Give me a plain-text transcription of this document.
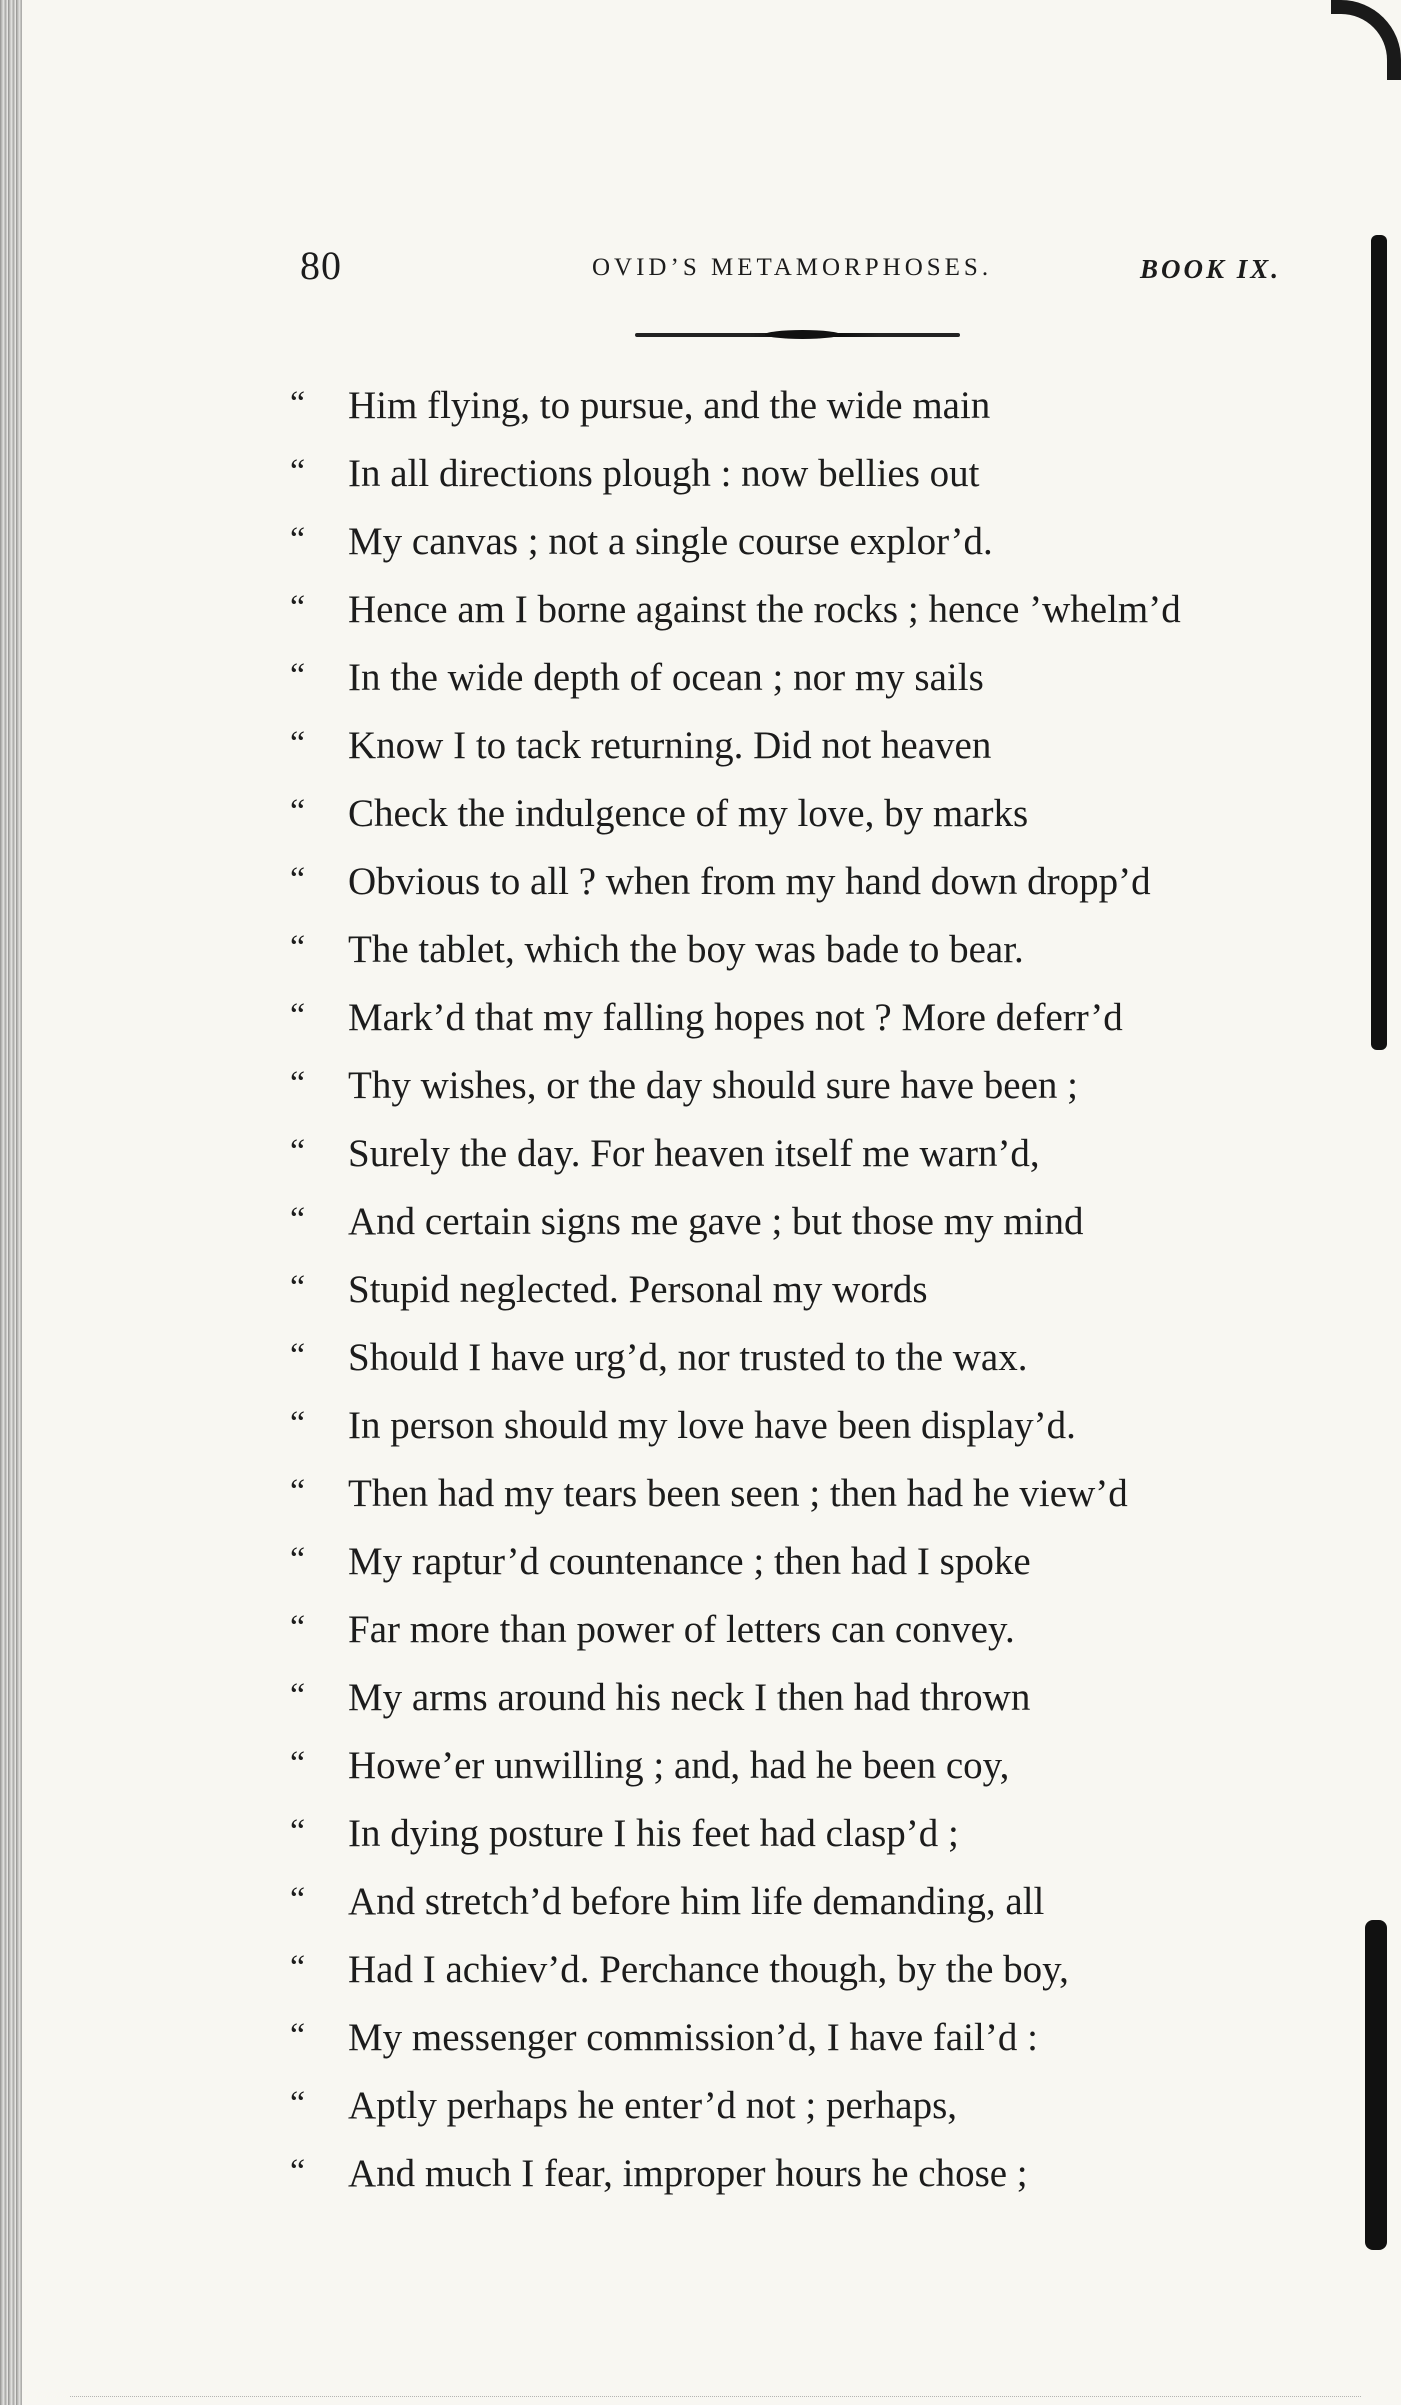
80	OVID’S METAMORPHOSES.	BOOK IX.
“ Him flying, to pursue, and the wide main
“ In all directions plough : now bellies out
“ My canvas ; not a single course explor’d.
“ Hence am I borne against the rocks ; hence ’whelm’d
“ In the wide depth of ocean ; nor my sails
“ Know I to tack returning. Did not heaven
“ Check the indulgence of my love, by marks
“ Obvious to all ? when from my hand down dropp’d
“ The tablet, which the boy was bade to bear.
“ Mark’d that my falling hopes not ? More deferr’d
“ Thy wishes, or the day should sure have been ;
“ Surely the day. For heaven itself me warn’d,
“ And certain signs me gave ; but those my mind
“ Stupid neglected. Personal my words
“ Should I have urg’d, nor trusted to the wax.
“ In person should my love have been display’d.
“ Then had my tears been seen ; then had he view’d
“ My raptur’d countenance ; then had I spoke
“ Far more than power of letters can convey.
“ My arms around his neck I then had thrown
“ Howe’er unwilling ; and, had he been coy,
“ In dying posture I his feet had clasp’d ;
“ And stretch’d before him life demanding, all
“ Had I achiev’d. Perchance though, by the boy,
“ My messenger commission’d, I have fail’d :
“ Aptly perhaps he enter’d not ; perhaps,
“ And much I fear, improper hours he chose ;
